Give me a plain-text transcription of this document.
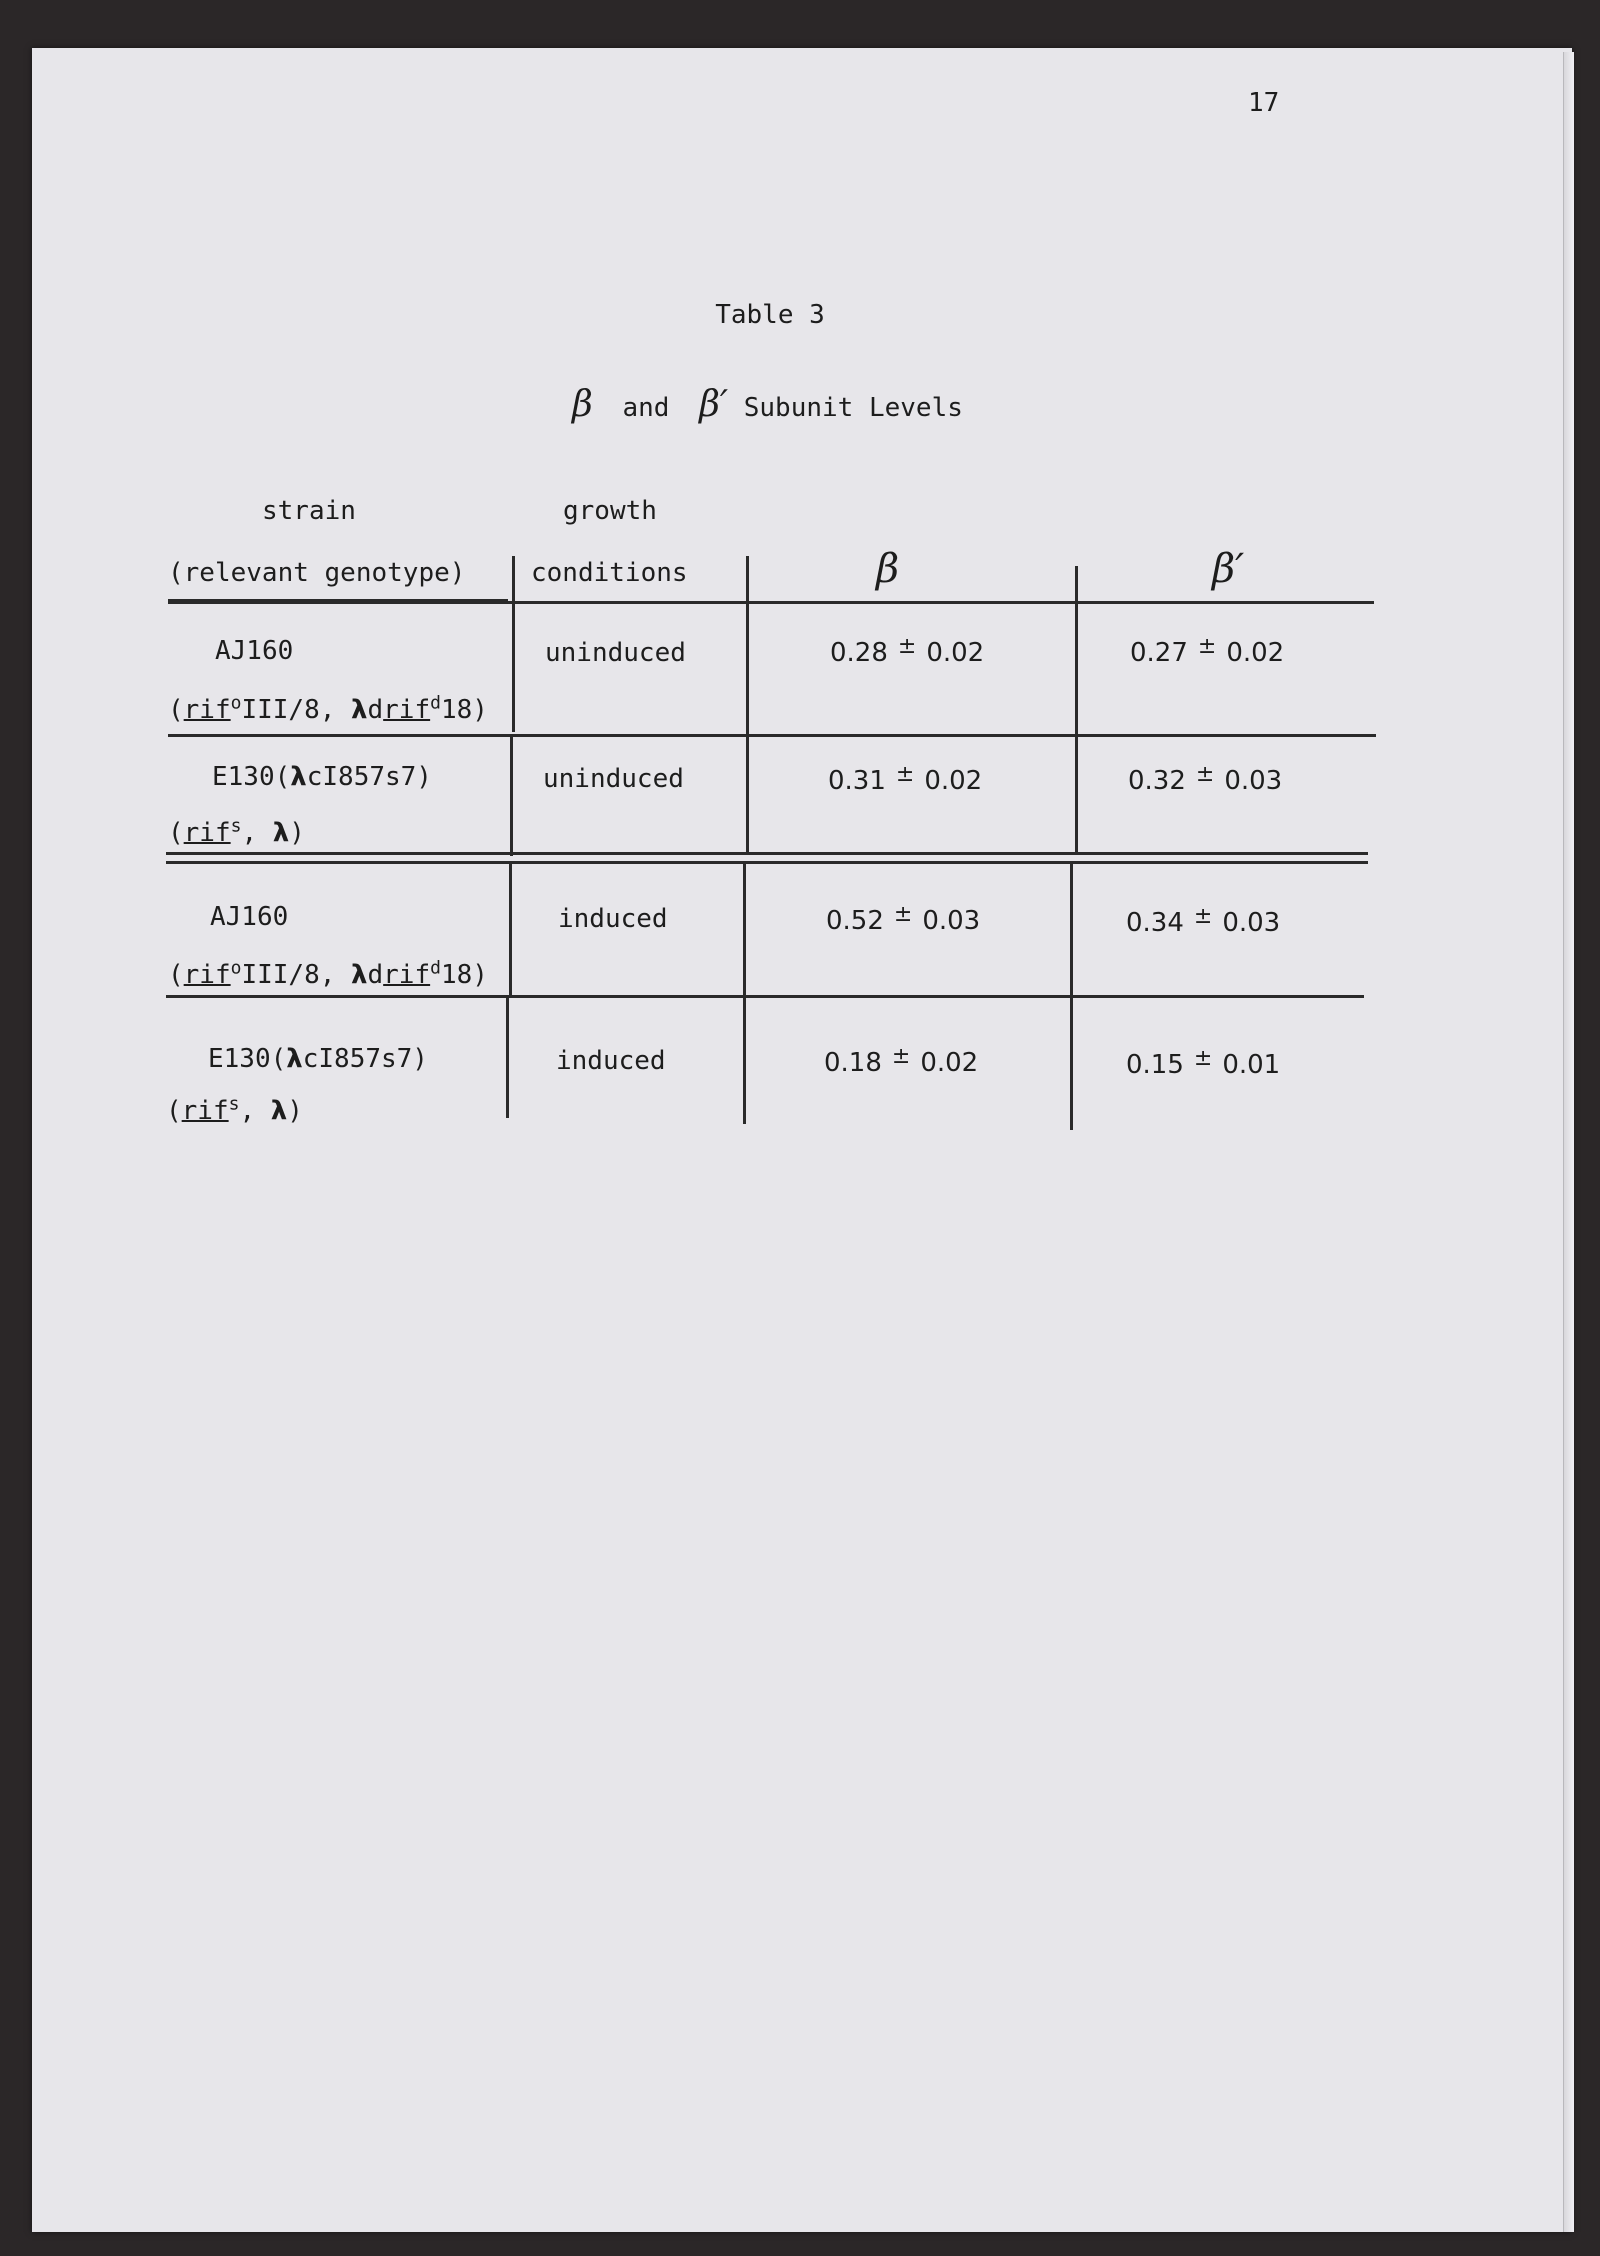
17
Table 3
β and β′ Subunit Levels
strain
(relevant genotype)
growth
conditions	β	β′
AJ160
(rif$^o$III/8, λdrif$^d$18)
uninduced	0.28 ± 0.02	0.27 ± 0.02
E130(λcI857s7)
(rif$^s$, λ)
uninduced	0.31 ± 0.02	0.32 ± 0.03
AJ160
(rif$^o$III/8, λdrif$^d$18)
induced	0.52 ± 0.03	0.34 ± 0.03
E130(λcI857s7)
(rif$^s$, λ)
induced	0.18 ± 0.02	0.15 ± 0.01
